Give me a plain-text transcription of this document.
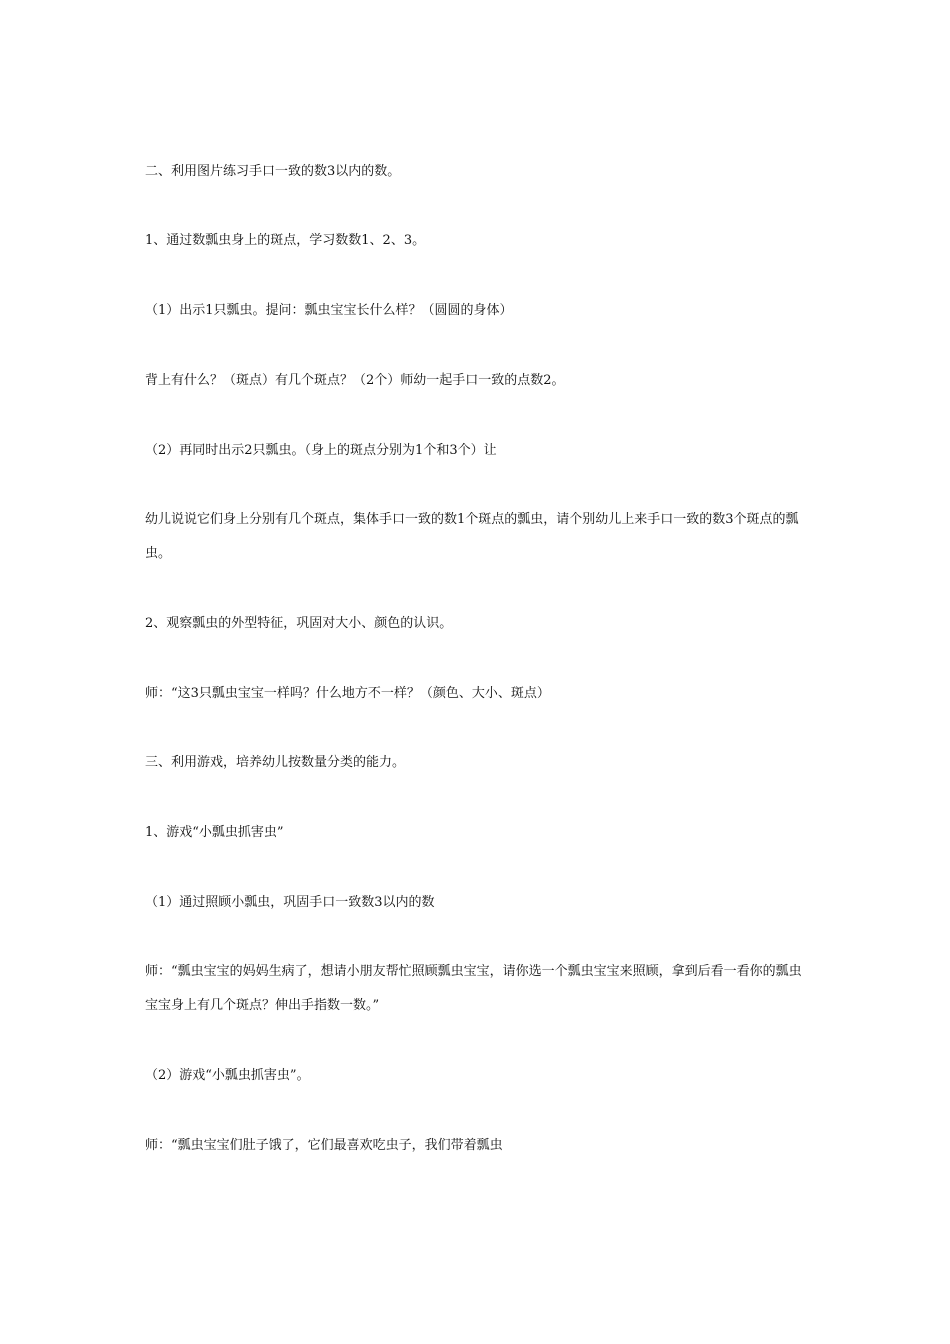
二、利用图片练习手口一致的数3以内的数。

1、通过数瓢虫身上的斑点，学习数数1、2、3。

（1）出示1只瓢虫。提问：瓢虫宝宝长什么样？（圆圆的身体）

背上有什么？（斑点）有几个斑点？（2个）师幼一起手口一致的点数2。

（2）再同时出示2只瓢虫。（身上的斑点分别为1个和3个）让

幼儿说说它们身上分别有几个斑点，集体手口一致的数1个斑点的瓢虫，请个别幼儿上来手口一致的数3个斑点的瓢虫。

2、观察瓢虫的外型特征，巩固对大小、颜色的认识。

师：“这3只瓢虫宝宝一样吗？什么地方不一样？（颜色、大小、斑点）

三、利用游戏，培养幼儿按数量分类的能力。

1、游戏“小瓢虫抓害虫”

（1）通过照顾小瓢虫，巩固手口一致数3以内的数

师：“瓢虫宝宝的妈妈生病了，想请小朋友帮忙照顾瓢虫宝宝，请你选一个瓢虫宝宝来照顾，拿到后看一看你的瓢虫宝宝身上有几个斑点？伸出手指数一数。”

（2）游戏“小瓢虫抓害虫”。

师：“瓢虫宝宝们肚子饿了，它们最喜欢吃虫子，我们带着瓢虫
